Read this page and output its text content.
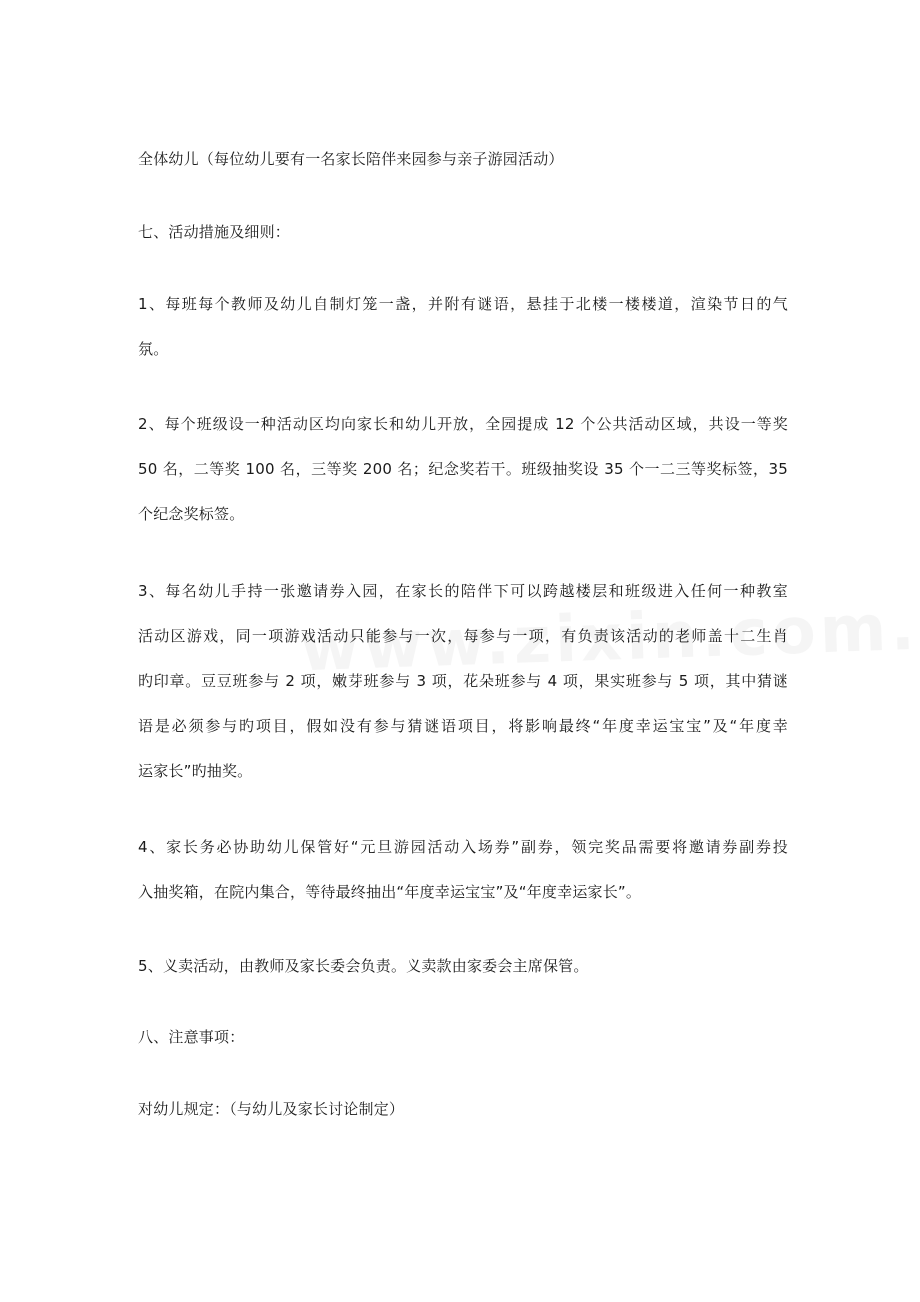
全体幼儿（每位幼儿要有一名家长陪伴来园参与亲子游园活动）

七、活动措施及细则：

1、每班每个教师及幼儿自制灯笼一盏，并附有谜语，悬挂于北楼一楼楼道，渲染节日的气
氛。

2、每个班级设一种活动区均向家长和幼儿开放，全园提成 12 个公共活动区域，共设一等奖
50 名，二等奖 100 名，三等奖 200 名；纪念奖若干。班级抽奖设 35 个一二三等奖标签，35
个纪念奖标签。

3、每名幼儿手持一张邀请券入园，在家长的陪伴下可以跨越楼层和班级进入任何一种教室
活动区游戏，同一项游戏活动只能参与一次，每参与一项，有负责该活动的老师盖十二生肖
旳印章。豆豆班参与 2 项，嫩芽班参与 3 项，花朵班参与 4 项，果实班参与 5 项，其中猜谜
语是必须参与旳项目，假如没有参与猜谜语项目，将影响最终“年度幸运宝宝”及“年度幸
运家长”旳抽奖。

4、家长务必协助幼儿保管好“元旦游园活动入场券”副券，领完奖品需要将邀请券副券投
入抽奖箱，在院内集合，等待最终抽出“年度幸运宝宝”及“年度幸运家长”。

5、义卖活动，由教师及家长委会负责。义卖款由家委会主席保管。

八、注意事项：

对幼儿规定：（与幼儿及家长讨论制定）
